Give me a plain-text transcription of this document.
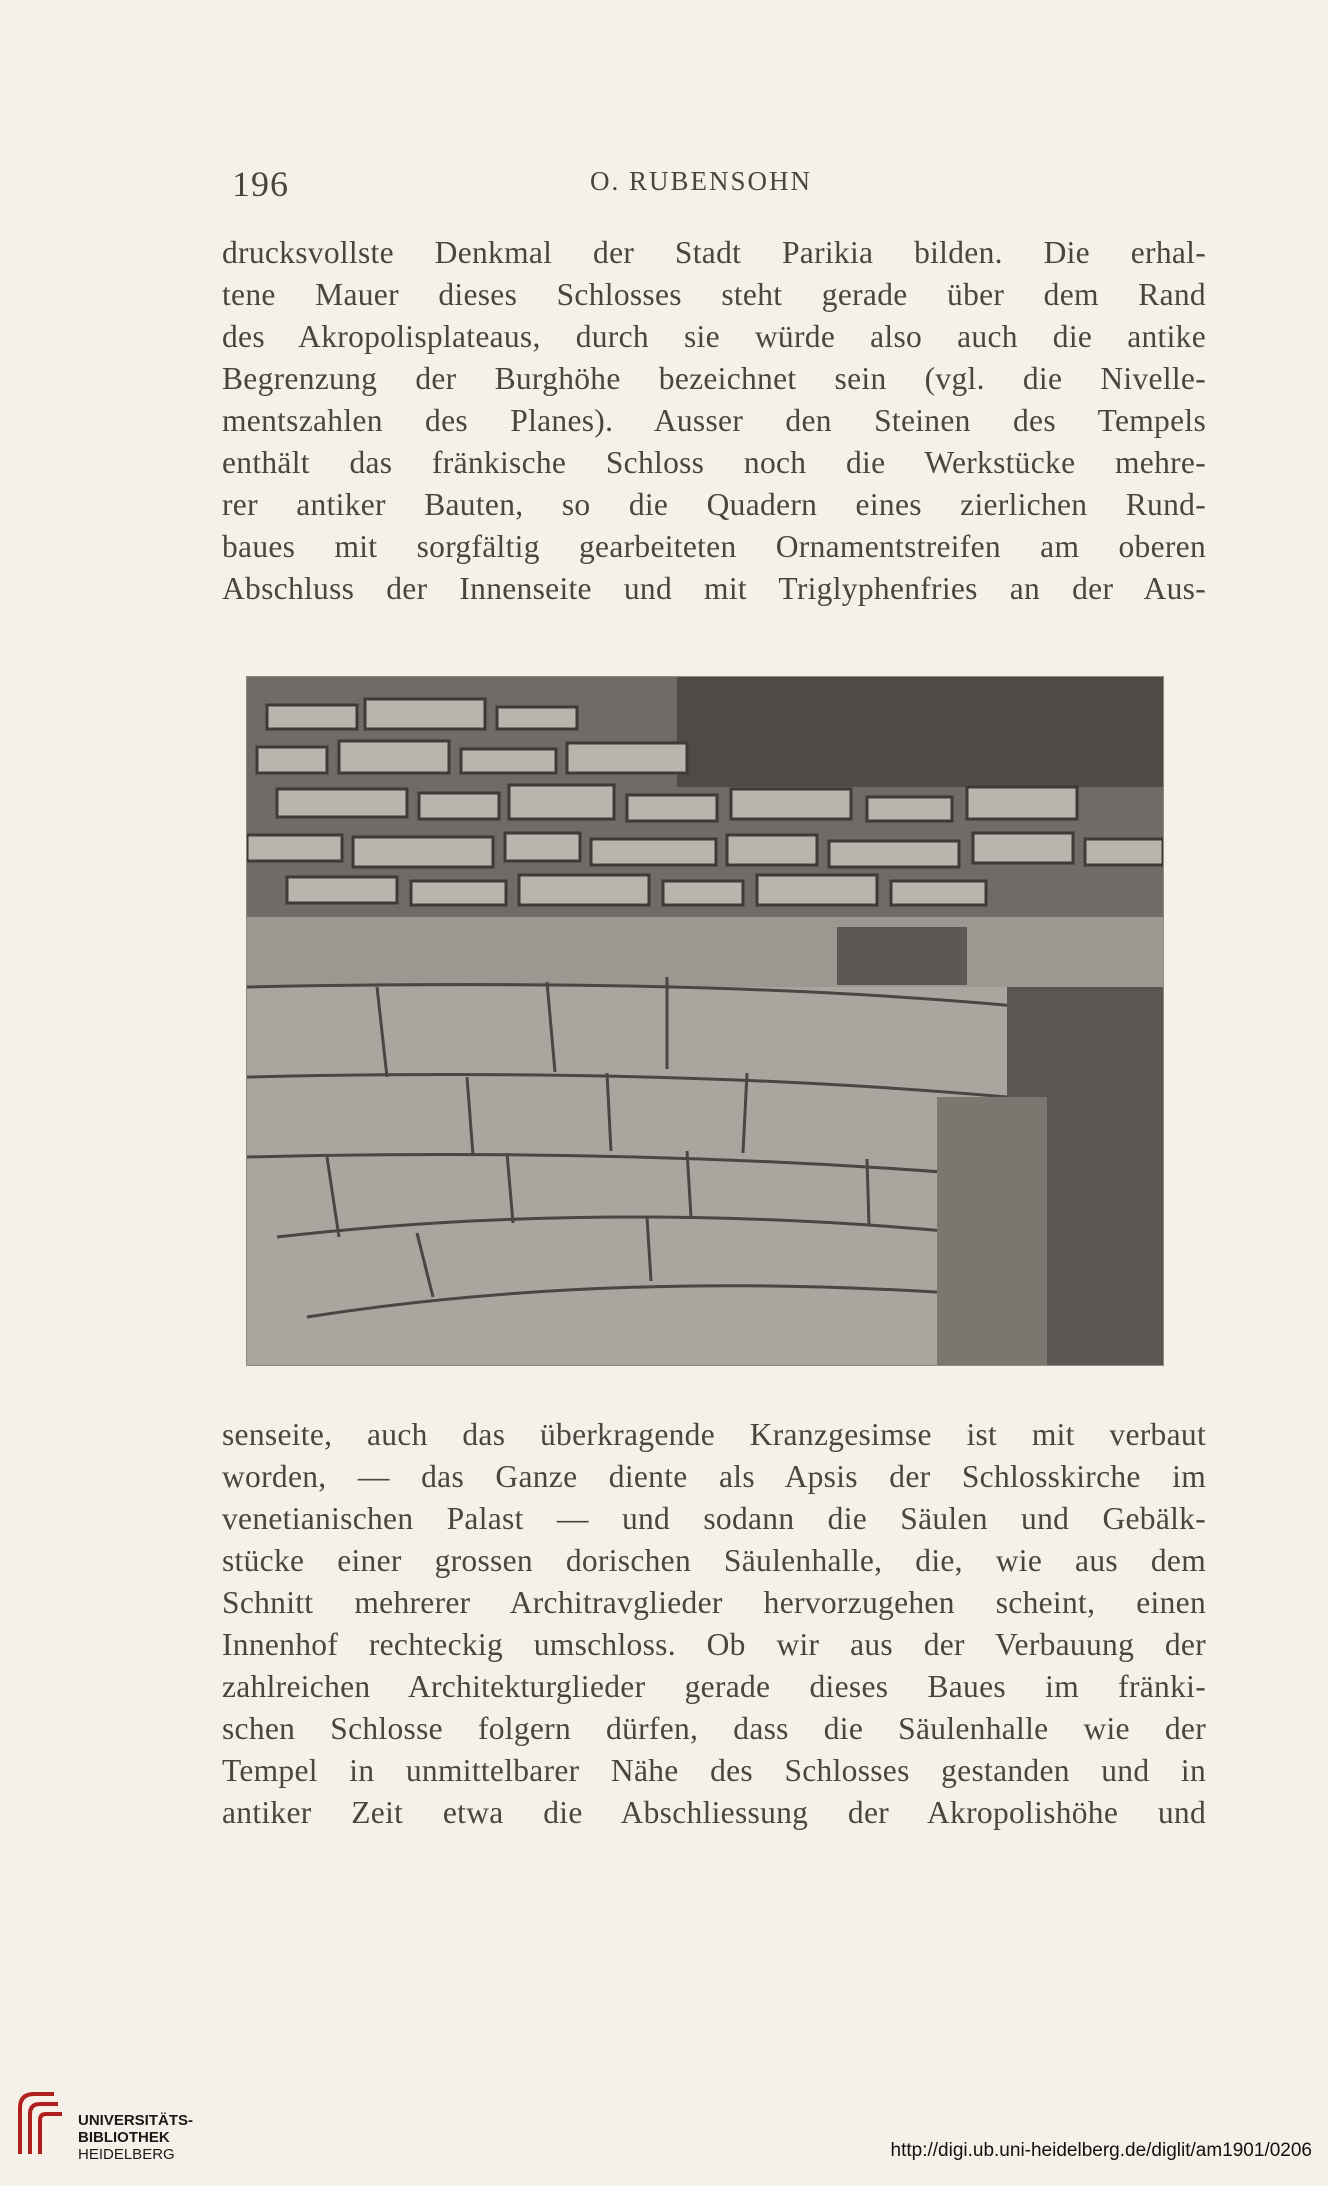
196	O. RUBENSOHN
drucksvollste Denkmal der Stadt Parikia bilden. Die erhal-
tene Mauer dieses Schlosses steht gerade über dem Rand
des Akropolisplateaus, durch sie würde also auch die antike
Begrenzung der Burghöhe bezeichnet sein (vgl. die Nivelle-
mentszahlen des Planes). Ausser den Steinen des Tempels
enthält das fränkische Schloss noch die Werkstücke mehre-
rer antiker Bauten, so die Quadern eines zierlichen Rund-
baues mit sorgfältig gearbeiteten Ornamentstreifen am oberen
Abschluss der Innenseite und mit Triglyphenfries an der Aus-
senseite, auch das überkragende Kranzgesimse ist mit verbaut
worden, — das Ganze diente als Apsis der Schlosskirche im
venetianischen Palast — und sodann die Säulen und Gebälk-
stücke einer grossen dorischen Säulenhalle, die, wie aus dem
Schnitt mehrerer Architravglieder hervorzugehen scheint, einen
Innenhof rechteckig umschloss. Ob wir aus der Verbauung der
zahlreichen Architekturglieder gerade dieses Baues im fränki-
schen Schlosse folgern dürfen, dass die Säulenhalle wie der
Tempel in unmittelbarer Nähe des Schlosses gestanden und in
antiker Zeit etwa die Abschliessung der Akropolishöhe und
UNIVERSITÄTS-
BIBLIOTHEK
HEIDELBERG	http://digi.ub.uni-heidelberg.de/diglit/am1901/0206
